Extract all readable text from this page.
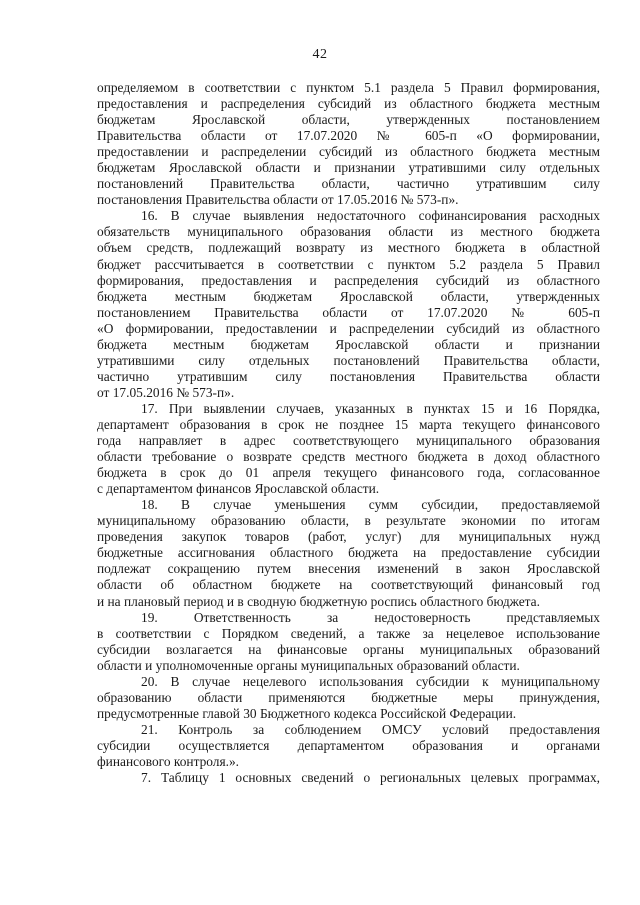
42
определяемом в соответствии с пунктом 5.1 раздела 5 Правил формирования,
предоставления и распределения субсидий из областного бюджета местным
бюджетам Ярославской области, утвержденных постановлением
Правительства области от 17.07.2020 № 605-п «О формировании,
предоставлении и распределении субсидий из областного бюджета местным
бюджетам Ярославской области и признании утратившими силу отдельных
постановлений Правительства области, частично утратившим силу
постановления Правительства области от 17.05.2016 № 573-п».
16. В случае выявления недостаточного софинансирования расходных
обязательств муниципального образования области из местного бюджета
объем средств, подлежащий возврату из местного бюджета в областной
бюджет рассчитывается в соответствии с пунктом 5.2 раздела 5 Правил
формирования, предоставления и распределения субсидий из областного
бюджета местным бюджетам Ярославской области, утвержденных
постановлением Правительства области от 17.07.2020 № 605-п
«О формировании, предоставлении и распределении субсидий из областного
бюджета местным бюджетам Ярославской области и признании
утратившими силу отдельных постановлений Правительства области,
частично утратившим силу постановления Правительства области
от 17.05.2016 № 573-п».
17. При выявлении случаев, указанных в пунктах 15 и 16 Порядка,
департамент образования в срок не позднее 15 марта текущего финансового
года направляет в адрес соответствующего муниципального образования
области требование о возврате средств местного бюджета в доход областного
бюджета в срок до 01 апреля текущего финансового года, согласованное
с департаментом финансов Ярославской области.
18. В случае уменьшения сумм субсидии, предоставляемой
муниципальному образованию области, в результате экономии по итогам
проведения закупок товаров (работ, услуг) для муниципальных нужд
бюджетные ассигнования областного бюджета на предоставление субсидии
подлежат сокращению путем внесения изменений в закон Ярославской
области об областном бюджете на соответствующий финансовый год
и на плановый период и в сводную бюджетную роспись областного бюджета.
19. Ответственность за недостоверность представляемых
в соответствии с Порядком сведений, а также за нецелевое использование
субсидии возлагается на финансовые органы муниципальных образований
области и уполномоченные органы муниципальных образований области.
20. В случае нецелевого использования субсидии к муниципальному
образованию области применяются бюджетные меры принуждения,
предусмотренные главой 30 Бюджетного кодекса Российской Федерации.
21. Контроль за соблюдением ОМСУ условий предоставления
субсидии осуществляется департаментом образования и органами
финансового контроля.».
7. Таблицу 1 основных сведений о региональных целевых программах,
